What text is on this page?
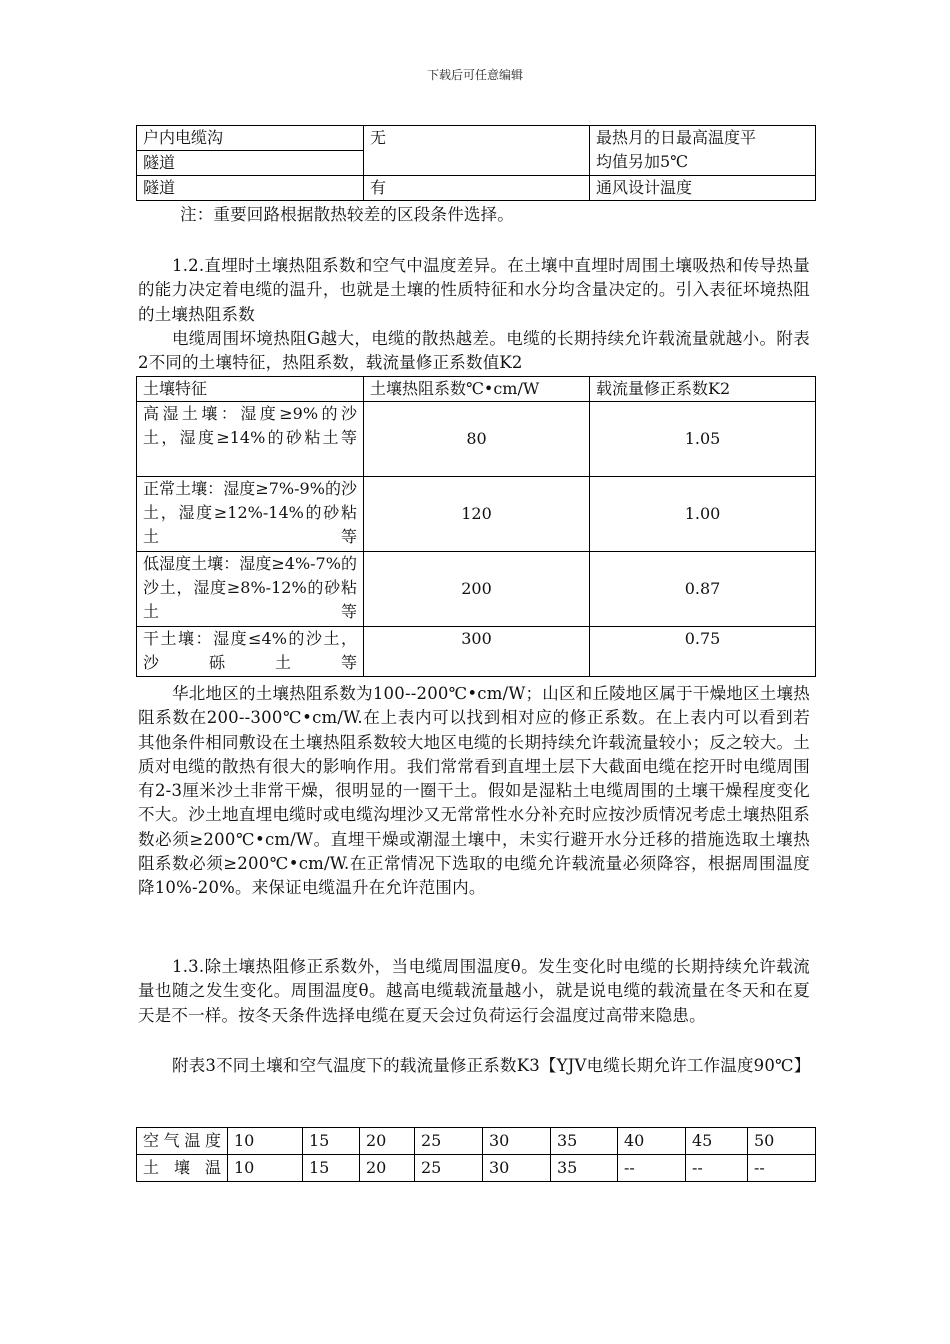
下载后可任意编辑
户内电缆沟	无	最热月的日最高温度平
均值另加5℃

隧道		
隧道	有	通风设计温度

注：重要回路根据散热较差的区段条件选择。

1.2.直埋时土壤热阻系数和空气中温度差异。在土壤中直埋时周围土壤吸热和传导热量的能力决定着电缆的温升，也就是土壤的性质特征和水分均含量决定的。引入表征坏境热阻的土壤热阻系数

电缆周围坏境热阻G越大，电缆的散热越差。电缆的长期持续允许载流量就越小。附表2不同的土壤特征，热阻系数，载流量修正系数值K2

土壤特征	土壤热阻系数℃•cm/W	载流量修正系数K2
高湿土壤：湿度≥9%的沙土，湿度≥14%的砂粘土等	80	1.05
正常土壤：湿度≥7%-9%的沙土，湿度≥12%-14%的砂粘土等	120	1.00
低湿度土壤：湿度≥4%-7%的沙土，湿度≥8%-12%的砂粘土等	200	0.87
干土壤：湿度≤4%的沙土，沙砾土等	300	0.75

华北地区的土壤热阻系数为100--200℃•cm/W；山区和丘陵地区属于干燥地区土壤热阻系数在200--300℃•cm/W.在上表内可以找到相对应的修正系数。在上表内可以看到若其他条件相同敷设在土壤热阻系数较大地区电缆的长期持续允许载流量较小；反之较大。土质对电缆的散热有很大的影响作用。我们常常看到直埋土层下大截面电缆在挖开时电缆周围有2-3厘米沙土非常干燥，很明显的一圈干土。假如是湿粘土电缆周围的土壤干燥程度变化不大。沙土地直埋电缆时或电缆沟埋沙又无常常性水分补充时应按沙质情况考虑土壤热阻系数必须≥200℃•cm/W。直埋干燥或潮湿土壤中，未实行避开水分迁移的措施选取土壤热阻系数必须≥200℃•cm/W.在正常情况下选取的电缆允许载流量必须降容，根据周围温度降10%-20%。来保证电缆温升在允许范围内。

1.3.除土壤热阻修正系数外，当电缆周围温度θ。发生变化时电缆的长期持续允许载流量也随之发生变化。周围温度θ。越高电缆载流量越小，就是说电缆的载流量在冬天和在夏天是不一样。按冬天条件选择电缆在夏天会过负荷运行会温度过高带来隐患。

附表3不同土壤和空气温度下的载流量修正系数K3【YJV电缆长期允许工作温度90℃】

空气温度	10	15	20	25	30	35	40	45	50
土壤温	10	15	20	25	30	35	--	--	--
